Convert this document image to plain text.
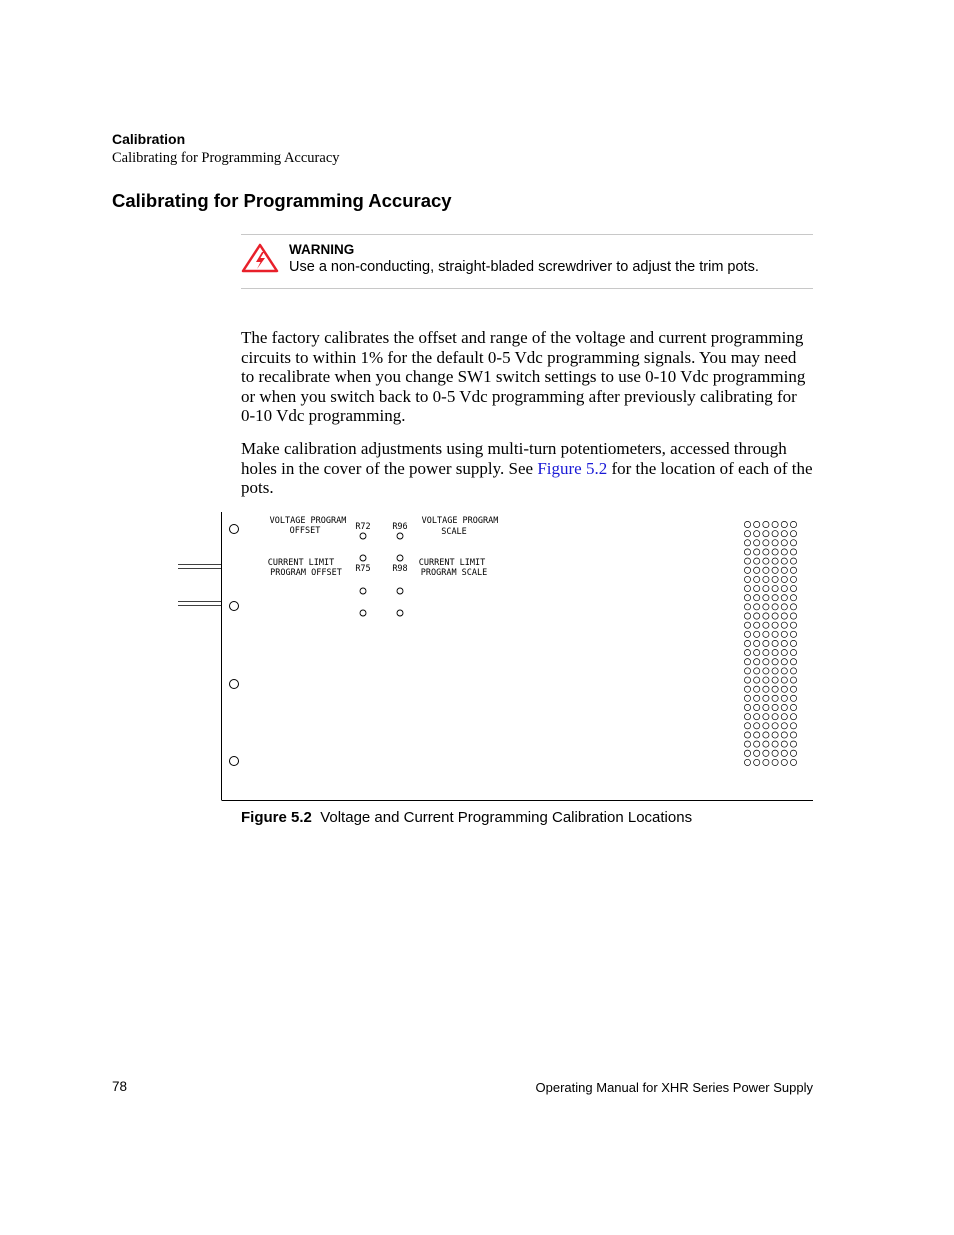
Calibration
Calibrating for Programming Accuracy
Calibrating for Programming Accuracy
WARNING
Use a non-conducting, straight-bladed screwdriver to adjust the trim pots.

The factory calibrates the offset and range of the voltage and current programming circuits to within 1% for the default 0-5 Vdc programming signals. You may need to recalibrate when you change SW1 switch settings to use 0-10 Vdc programming or when you switch back to 0-5 Vdc programming after previously calibrating for 0-10 Vdc programming.

Make calibration adjustments using multi-turn potentiometers, accessed through holes in the cover of the power supply. See Figure 5.2 for the location of each of the pots.

VOLTAGE PROGRAM
OFFSET	R72	R96
VOLTAGE PROGRAM
SCALE
CURRENT LIMIT
PROGRAM OFFSET R75	R98
CURRENT LIMIT
PROGRAM SCALE
Figure 5.2 Voltage and Current Programming Calibration Locations
78	Operating Manual for XHR Series Power Supply
